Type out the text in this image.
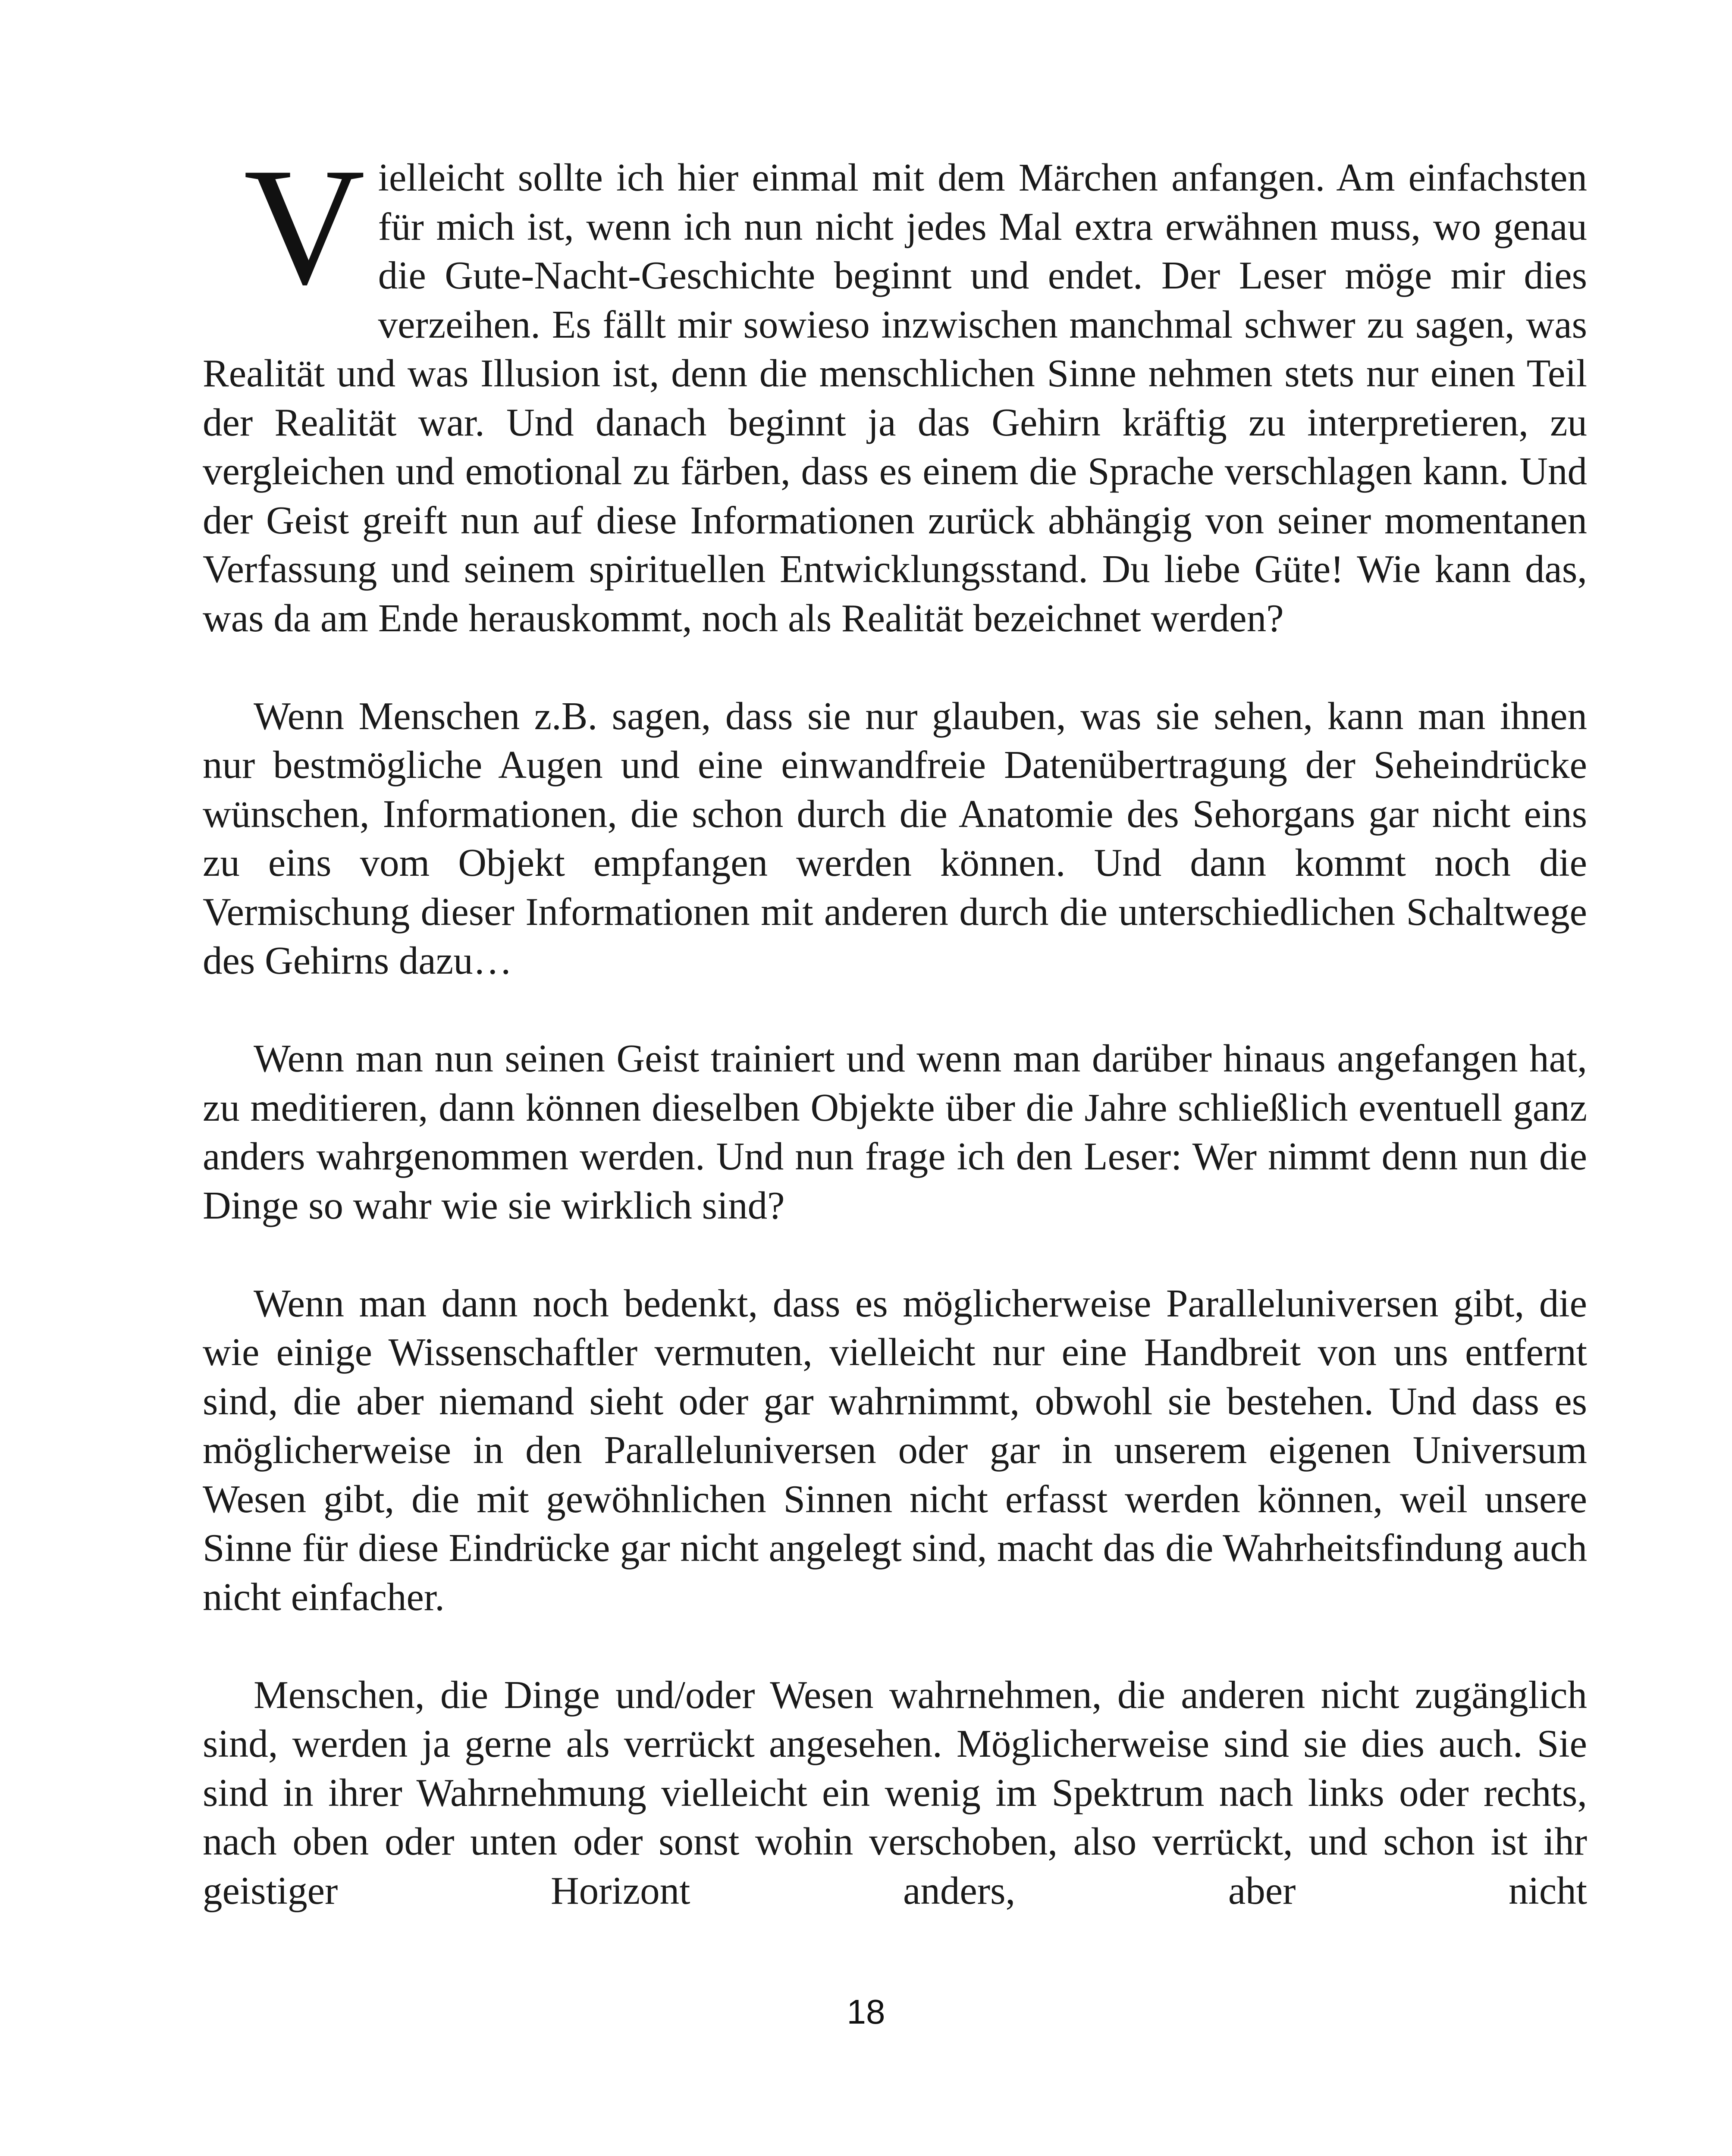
Vielleicht sollte ich hier einmal mit dem Märchen anfangen. Am einfachsten für mich ist, wenn ich nun nicht jedes Mal extra erwähnen muss, wo genau die Gute-Nacht-Geschichte beginnt und endet. Der Leser möge mir dies verzeihen. Es fällt mir sowieso inzwischen manchmal schwer zu sagen, was Realität und was Illusion ist, denn die menschlichen Sinne nehmen stets nur einen Teil der Realität war. Und danach beginnt ja das Gehirn kräftig zu interpretieren, zu vergleichen und emotional zu färben, dass es einem die Sprache verschlagen kann. Und der Geist greift nun auf diese Informationen zurück abhängig von seiner momentanen Verfassung und seinem spirituellen Entwicklungsstand. Du liebe Güte! Wie kann das, was da am Ende herauskommt, noch als Realität bezeichnet werden?

Wenn Menschen z.B. sagen, dass sie nur glauben, was sie sehen, kann man ihnen nur bestmögliche Augen und eine einwandfreie Datenübertragung der Seheindrücke wünschen, Informationen, die schon durch die Anatomie des Sehorgans gar nicht eins zu eins vom Objekt empfangen werden können. Und dann kommt noch die Vermischung dieser Informationen mit anderen durch die unterschiedlichen Schaltwege des Gehirns dazu…

Wenn man nun seinen Geist trainiert und wenn man darüber hinaus angefangen hat, zu meditieren, dann können dieselben Objekte über die Jahre schließlich eventuell ganz anders wahrgenommen werden. Und nun frage ich den Leser: Wer nimmt denn nun die Dinge so wahr wie sie wirklich sind?

Wenn man dann noch bedenkt, dass es möglicherweise Paralleluniversen gibt, die wie einige Wissenschaftler vermuten, vielleicht nur eine Handbreit von uns entfernt sind, die aber niemand sieht oder gar wahrnimmt, obwohl sie bestehen. Und dass es möglicherweise in den Paralleluniversen oder gar in unserem eigenen Universum Wesen gibt, die mit gewöhnlichen Sinnen nicht erfasst werden können, weil unsere Sinne für diese Eindrücke gar nicht angelegt sind, macht das die Wahrheitsfindung auch nicht einfacher.

Menschen, die Dinge und/oder Wesen wahrnehmen, die anderen nicht zugänglich sind, werden ja gerne als verrückt angesehen. Möglicherweise sind sie dies auch. Sie sind in ihrer Wahrnehmung vielleicht ein wenig im Spektrum nach links oder rechts, nach oben oder unten oder sonst wohin verschoben, also verrückt, und schon ist ihr geistiger Horizont anders, aber nicht

18
